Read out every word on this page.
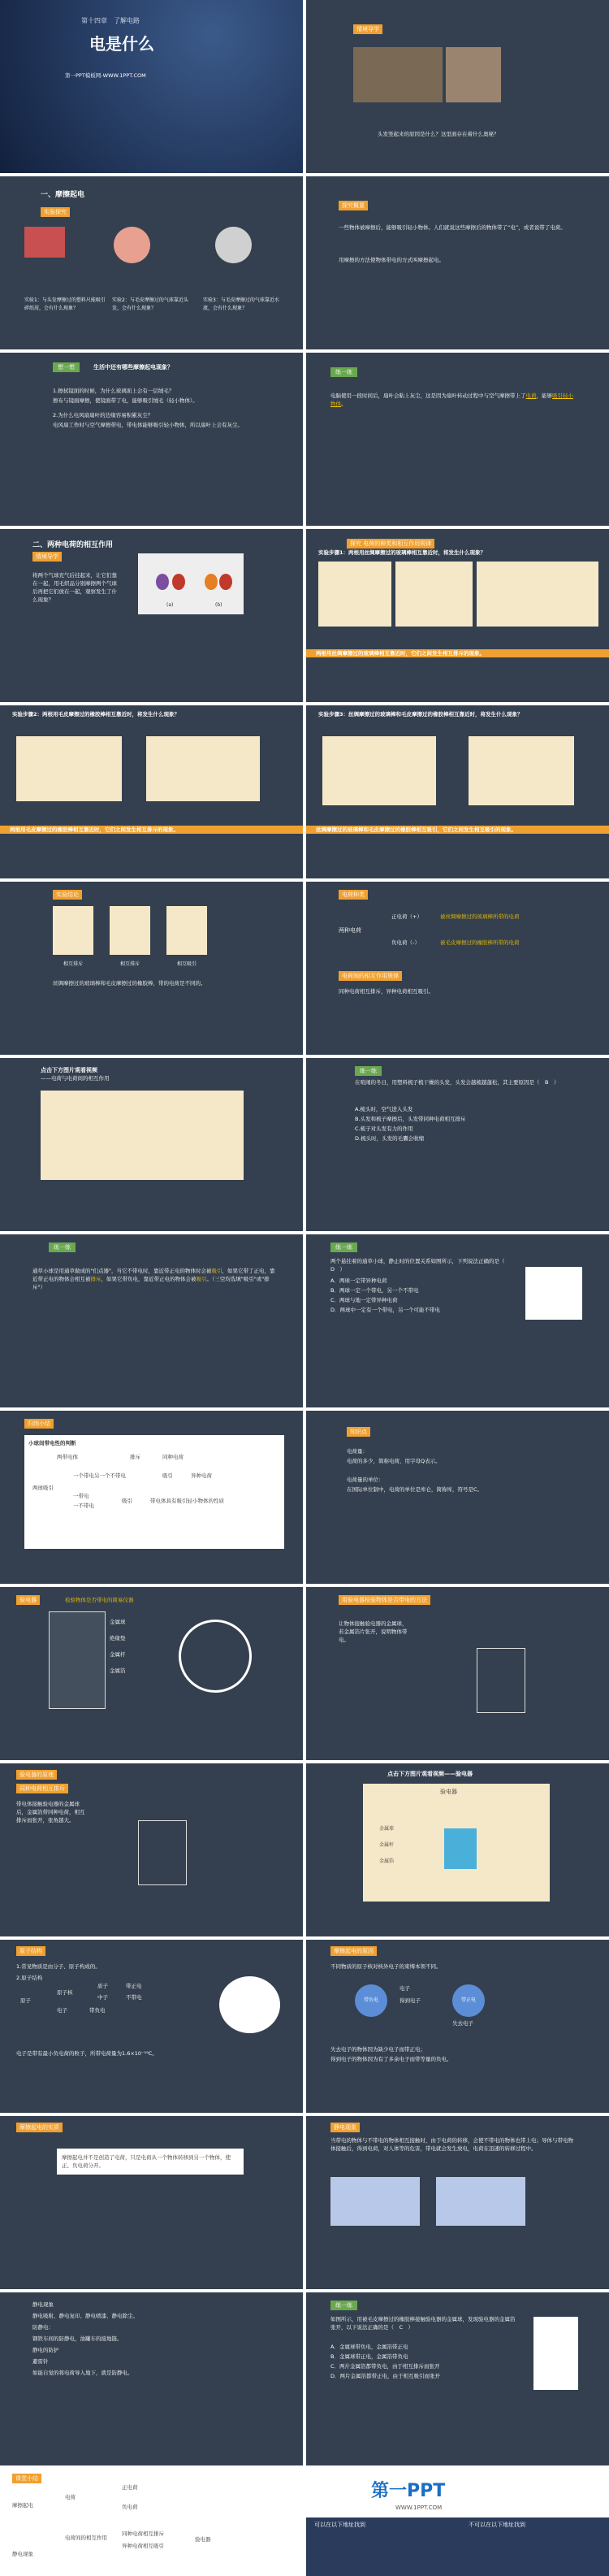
第十四章　了解电路
电是什么
第一PPT模板网-WWW.1PPT.COM
情境导学
头发竖起来的原因是什么？这里面存在着什么奥秘？
一、摩擦起电
实验探究
实验1：与头发摩擦过的塑料尺能吸引碎纸屑，会有什么现象？
实验2：与毛皮摩擦过的气球靠近头发，会有什么现象？
实验3：与毛皮摩擦过的气球靠近水流，会有什么现象？
探究概要
一些物体被摩擦后，能够吸引轻小物体。人们就说这些摩擦后的物体带了“电”，或者说带了电荷。
用摩擦的方法使物体带电的方式叫摩擦起电。
想一想	生活中还有哪些摩擦起电现象？
1.擦拭镜面的时候，为什么玻璃面上会有一层绒毛？
擦布与镜面摩擦，使镜面带了电，能够吸引绒毛（轻小物体）。
2.为什么电风扇扇叶的边缘容易积累灰尘？
电风扇工作时与空气摩擦带电，带电体能够吸引轻小物体，所以扇叶上会有灰尘。
练一练
电脑使用一段时间后，扇叶会粘上灰尘，这是因为扇叶转动过程中与空气摩擦带上了电荷，能够吸引轻小物体。
二、两种电荷的相互作用
情境导学
将两个气球充气后挂起来，让它们靠在一起，用毛织品分别摩擦两个气球后再把它们放在一起，观察发生了什么现象？
(a)	(b)
探究 电荷的种类和相互作用规律
实验步骤1：两根用丝绸摩擦过的玻璃棒相互靠近时，将发生什么现象？
两根用丝绸摩擦过的玻璃棒相互靠近时，它们之间发生相互排斥的现象。
实验步骤2：两根用毛皮摩擦过的橡胶棒相互靠近时，将发生什么现象？
两根用毛皮摩擦过的橡胶棒相互靠近时，它们之间发生相互排斥的现象。
实验步骤3：丝绸摩擦过的玻璃棒和毛皮摩擦过的橡胶棒相互靠近时，将发生什么现象？
丝绸摩擦过的玻璃棒和毛皮摩擦过的橡胶棒相互吸引，它们之间发生相互吸引的现象。
实验结论
相互排斥	相互排斥	相互吸引
丝绸摩擦过的玻璃棒和毛皮摩擦过的橡胶棒，带的电荷是不同的。
电荷种类
两种电荷
正电荷（+）	被丝绸摩擦过的玻璃棒所带的电荷
负电荷（-）	被毛皮摩擦过的橡胶棒所带的电荷
电荷间的相互作用规律
同种电荷相互排斥，异种电荷相互吸引。
点击下方图片观看视频
——电荷与电荷间的相互作用
练一练
在喧闹的冬日，用塑料梳子梳干燥的头发，头发会越梳越蓬松，其主要原因是（　B　）
A.梳头时，空气进入头发
B.头发和梳子摩擦后，头发带同种电荷相互排斥
C.梳子对头发有力的作用
D.梳头时，头发的毛囊会收缩
练一练
通草小球是用通草做成的"们点器"，当它不带电时，靠近带正电的物体时会被吸引，如果它带了正电，靠近带正电的物体会相互被排斥，如果它带负电，靠近带正电的物体会被吸引。（三空均选填"吸引"或"排斥"）
练一练
两个悬挂着的通草小球，静止时的位置关系如图所示，下列说法正确的是（　D　）
A．两球一定带异种电荷
B．两球一定一个带电，另一个不带电
C．两球与地一定带异种电荷
D．两球中一定有一个带电，另一个可能不带电
归纳小结
小球间带电性的判断
两带电体	排斥	同种电荷
两球吸引
一个带电另一个不带电	吸引	异种电荷
一带电
一不带电
吸引	带电体具有吸引轻小物体的性质
知识点
电荷量：
电荷的多少，简称电荷，用字母Q表示。
电荷量的单位：
在国际单位制中，电荷的单位是库仑，简称库，符号是C。
验电器	检验物体是否带电的简易仪器
金属球
绝缘垫
金属杆
金属箔
用验电器检验物体是否带电的方法
让物体接触验电器的金属球，若金属箔片张开，说明物体带电。
验电器的原理
同种电荷相互排斥
带电体接触验电器的金属球后，金属箔带同种电荷，相互排斥而张开，张角越大。
点击下方图片观看视频——验电器
验电器
金属球
金属杆
金属箔
原子结构
1.常见物质是由分子、原子构成的。
2.原子结构
原子
原子核
质子	带正电
中子	不带电
电子	带负电
电子是带有最小负电荷的粒子，所带电荷量为1.6×10⁻¹⁹C。
摩擦起电的原因
不同物质的原子核对核外电子的束缚本领不同。
带负电
电子
得到电子	带正电
失去电子
失去电子的物体因为缺少电子而带正电；
得到电子的物体因为有了多余电子而带等量的负电。
摩擦起电的实质
摩擦起电并不是创造了电荷，只是电荷从一个物体转移到另一个物体，使正、负电荷分开。
静电现象
当带电的物体与不带电的物体相互接触时，由于电荷的转移，会使不带电的物体也带上电；导体与带电物体接触后，得到电荷，对人体等的危害，带电就会发生放电，电荷在迅速的转移过程中。
静电现象
静电吸附、静电复印、静电喷漆、静电除尘。
防静电：
钢铁车间的防静电，油罐车的接地链。
静电的防护
避雷针
如能自觉的将电荷导入地下，就是防静电。
练一练
如图所示，用被毛皮摩擦过的橡胶棒接触验电器的金属球，发现验电器的金属箔张开，以下说法正确的是（　C　）
A．金属球带负电，金属箔带正电
B．金属球带正电，金属箔带负电
C．两片金属箔都带负电，由于相互排斥而张开
D．两片金属箔都带正电，由于相互吸引而张开
课堂小结
摩擦起电
电荷
正电荷
负电荷
电荷间的相互作用
同种电荷相互排斥
异种电荷相互吸引
验电器
静电现象
第一PPT
WWW.1PPT.COM
可以在以下地址找到	不可以在以下地址找到
